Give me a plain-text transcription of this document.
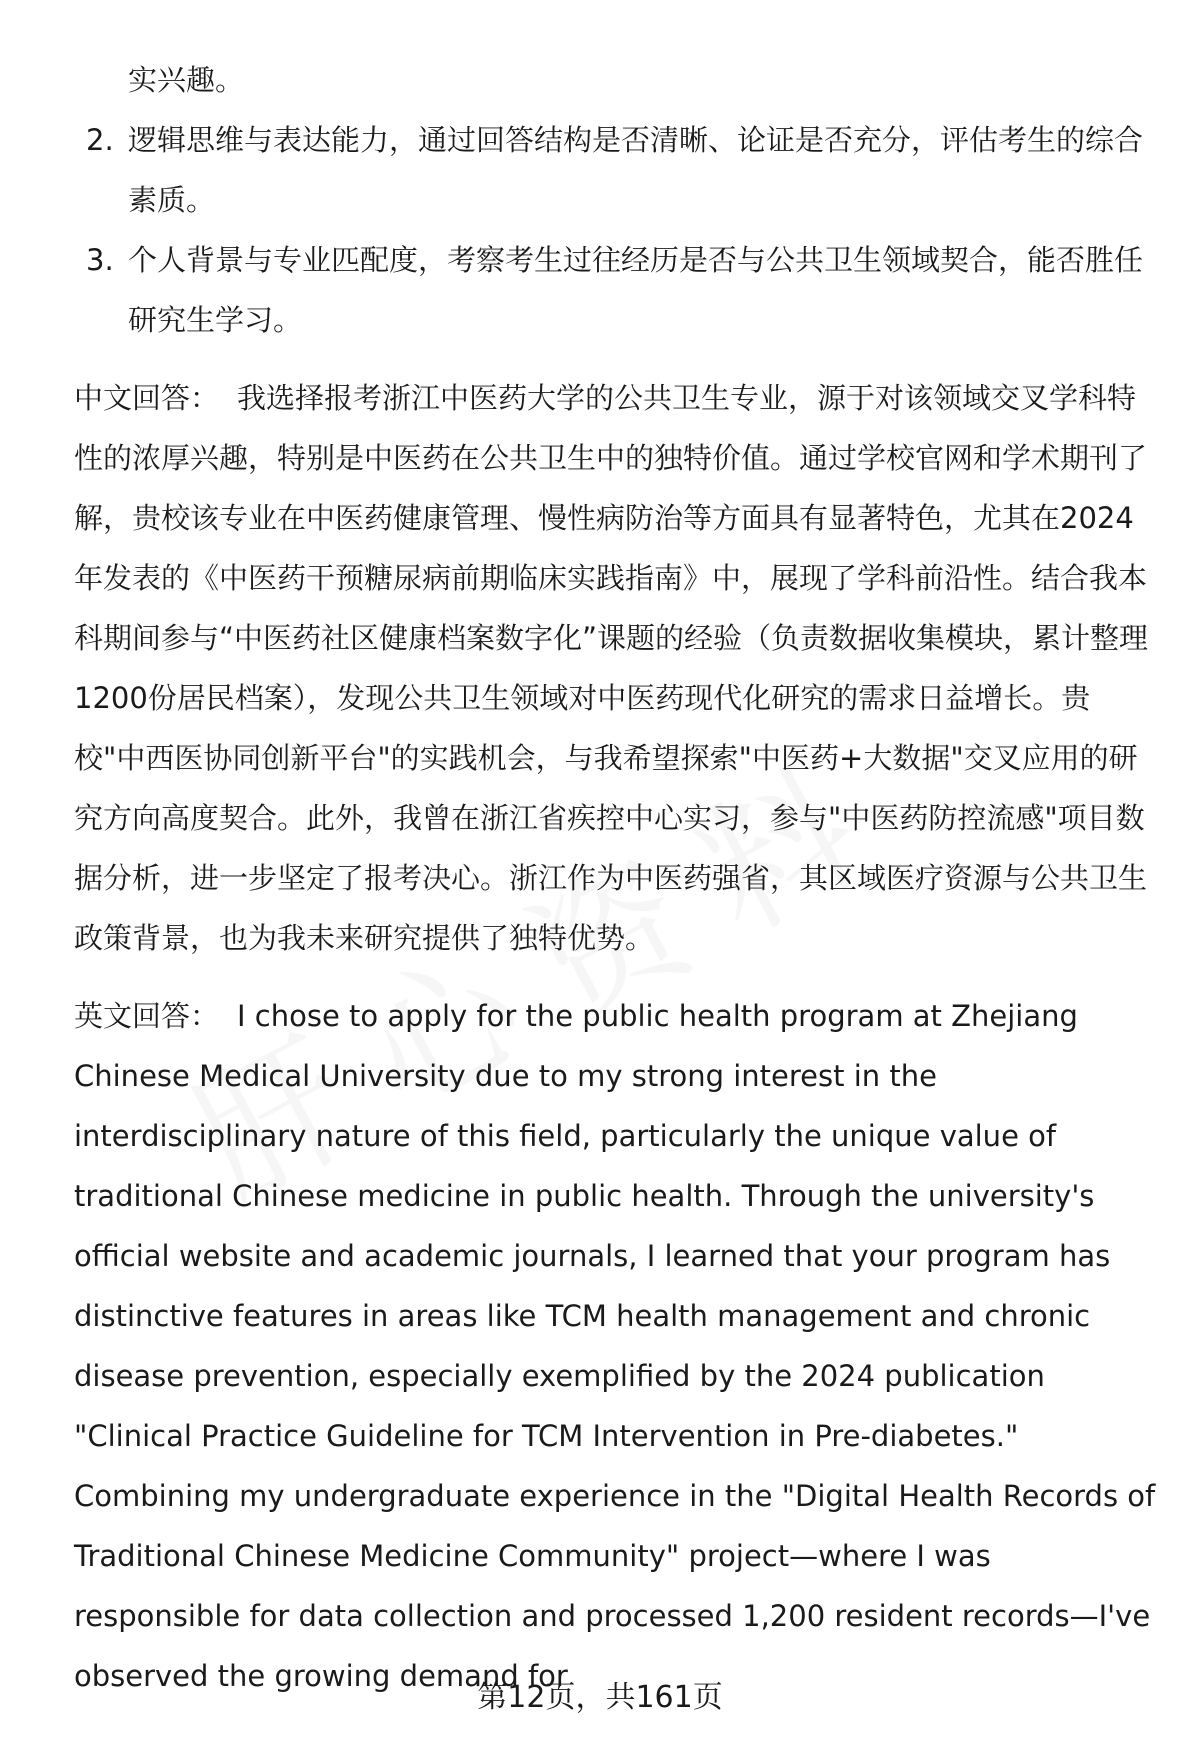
实兴趣。

2. 逻辑思维与表达能力，通过回答结构是否清晰、论证是否充分，评估考生的综合素质。
3. 个人背景与专业匹配度，考察考生过往经历是否与公共卫生领域契合，能否胜任研究生学习。

中文回答： 我选择报考浙江中医药大学的公共卫生专业，源于对该领域交叉学科特性的浓厚兴趣，特别是中医药在公共卫生中的独特价值。通过学校官网和学术期刊了解，贵校该专业在中医药健康管理、慢性病防治等方面具有显著特色，尤其在2024年发表的《中医药干预糖尿病前期临床实践指南》中，展现了学科前沿性。结合我本科期间参与“中医药社区健康档案数字化”课题的经验（负责数据收集模块，累计整理1200份居民档案），发现公共卫生领域对中医药现代化研究的需求日益增长。贵校"中西医协同创新平台"的实践机会，与我希望探索"中医药+大数据"交叉应用的研究方向高度契合。此外，我曾在浙江省疾控中心实习，参与"中医药防控流感"项目数据分析，进一步坚定了报考决心。浙江作为中医药强省，其区域医疗资源与公共卫生政策背景，也为我未来研究提供了独特优势。

英文回答： I chose to apply for the public health program at Zhejiang Chinese Medical University due to my strong interest in the interdisciplinary nature of this field, particularly the unique value of traditional Chinese medicine in public health. Through the university's official website and academic journals, I learned that your program has distinctive features in areas like TCM health management and chronic disease prevention, especially exemplified by the 2024 publication "Clinical Practice Guideline for TCM Intervention in Pre-diabetes." Combining my undergraduate experience in the "Digital Health Records of Traditional Chinese Medicine Community" project—where I was responsible for data collection and processed 1,200 resident records—I've observed the growing demand for

第12页，共161页
